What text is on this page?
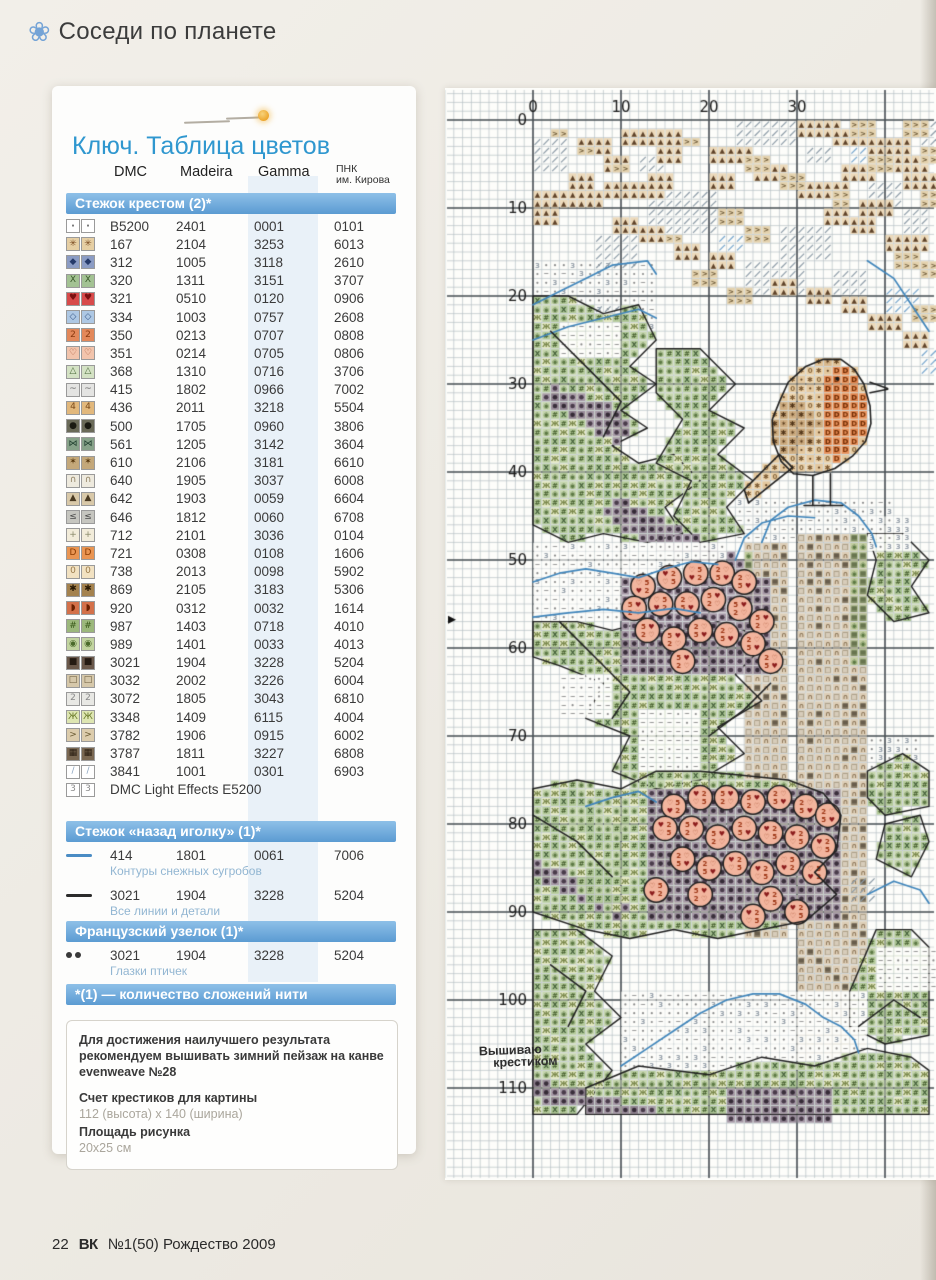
❀ Соседи по планете
Ключ. Таблица цветов
DMC Madeira Gamma	ПНК
им. Кирова
Стежок крестом (2)*
· ·	B5200	2401	0001	0101
✳ ✳ 167	2104	3253	6013
◆ ◆ 312	1005	3118	2610
X X 320	1311	3151	3707
♥ ♥ 321	0510	0120	0906
◇ ◇ 334	1003	0757	2608
2	2	350	0213	0707	0808
♡ ♡ 351	0214	0705	0806
△ △ 368	1310	0716	3706
~ ~ 415	1802	0966	7002
4	4	436	2011	3218	5504
● ● 500	1705	0960	3806
⋈ ⋈ 561	1205	3142	3604
✶ ✶ 610	2106	3181	6610
∩ ∩ 640	1905	3037	6008
▲ ▲ 642	1903	0059	6604
≤ ≤ 646	1812	0060	6708
+ + 712	2101	3036	0104
D D 721	0308	0108	1606
0	0	738	2013	0098	5902
✱ ✱ 869	2105	3183	5306
◗	◗	920	0312	0032	1614
# # 987	1403	0718	4010
◉ ◉ 989	1401	0033	4013
■ ■ 3021	1904	3228	5204
□ □ 3032	2002	3226	6004
2	2	3072	1805	3043	6810
Ж Ж 3348	1409	6115	4004
> > 3782	1906	0915	6002
▦ ▦ 3787	1811	3227	6808
/	/	3841	1001	0301	6903
3	3	DMC Light Effects E5200
Стежок «назад иголку» (1)*
414	1801	0061	7006
Контуры снежных сугробов
3021	1904	3228	5204
Все линии и детали
Французский узелок (1)*
3021	1904	3228	5204
Глазки птичек
*(1) — количество сложений нити
Для достижения наилучшего результата рекомендуем вышивать зимний пейзаж на канве evenweave №28
Счет крестиков для картины
112 (высота) x 140 (ширина)
Площадь рисунка
20x25 см
Вышиваю
крестиком
22 ВК №1(50) Рождество 2009
